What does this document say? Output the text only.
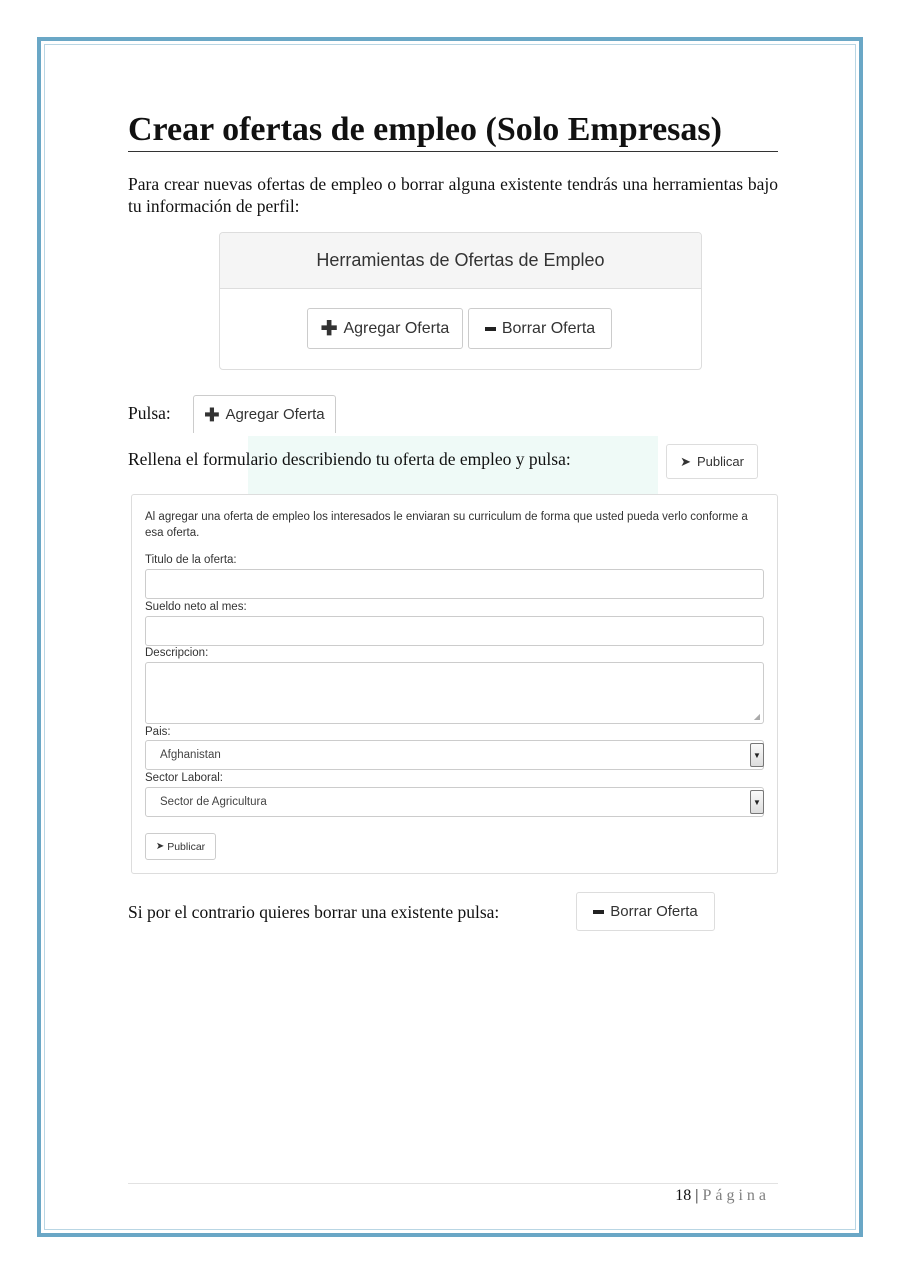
Crear ofertas de empleo (Solo Empresas)

Para crear nuevas ofertas de empleo o borrar alguna existente tendrás una herramientas bajo tu información de perfil:

Herramientas de Ofertas de Empleo
✚ Agregar Oferta	Borrar Oferta
Pulsa: ✚ Agregar Oferta
Rellena el formulario describiendo tu oferta de empleo y pulsa:	➤ Publicar

Al agregar una oferta de empleo los interesados le enviaran su curriculum de forma que usted pueda verlo conforme a esa oferta.

Titulo de la oferta:
Sueldo neto al mes:
Descripcion:
◢
Pais:
Afghanistan	▼
Sector Laboral:
Sector de Agricultura	▼
➤ Publicar
Si por el contrario quieres borrar una existente pulsa:	Borrar Oferta
18 | Página
